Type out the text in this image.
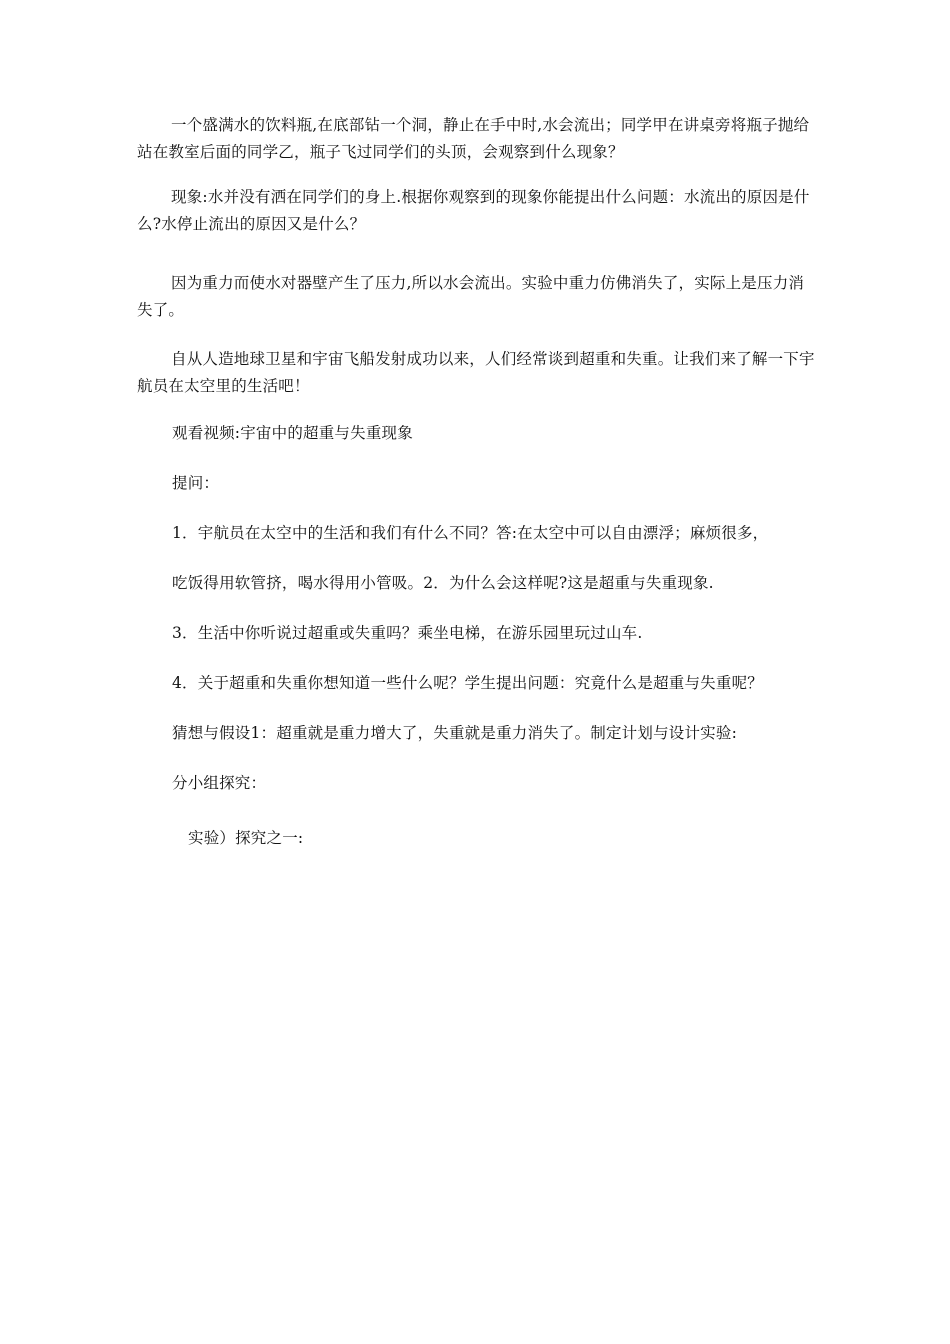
一个盛满水的饮料瓶,在底部钻一个洞，静止在手中时,水会流出；同学甲在讲桌旁将瓶子抛给站在教室后面的同学乙，瓶子飞过同学们的头顶，会观察到什么现象？

现象:水并没有洒在同学们的身上.根据你观察到的现象你能提出什么问题：水流出的原因是什么?水停止流出的原因又是什么？

因为重力而使水对器壁产生了压力,所以水会流出。实验中重力仿佛消失了，实际上是压力消失了。

自从人造地球卫星和宇宙飞船发射成功以来，人们经常谈到超重和失重。让我们来了解一下宇航员在太空里的生活吧！

观看视频:宇宙中的超重与失重现象

提问：

1．宇航员在太空中的生活和我们有什么不同？答:在太空中可以自由漂浮；麻烦很多，

吃饭得用软管挤，喝水得用小管吸。2．为什么会这样呢?这是超重与失重现象.

3．生活中你听说过超重或失重吗？乘坐电梯，在游乐园里玩过山车.

4．关于超重和失重你想知道一些什么呢？学生提出问题：究竟什么是超重与失重呢？

猜想与假设1：超重就是重力增大了，失重就是重力消失了。制定计划与设计实验:

分小组探究：

实验）探究之一:
